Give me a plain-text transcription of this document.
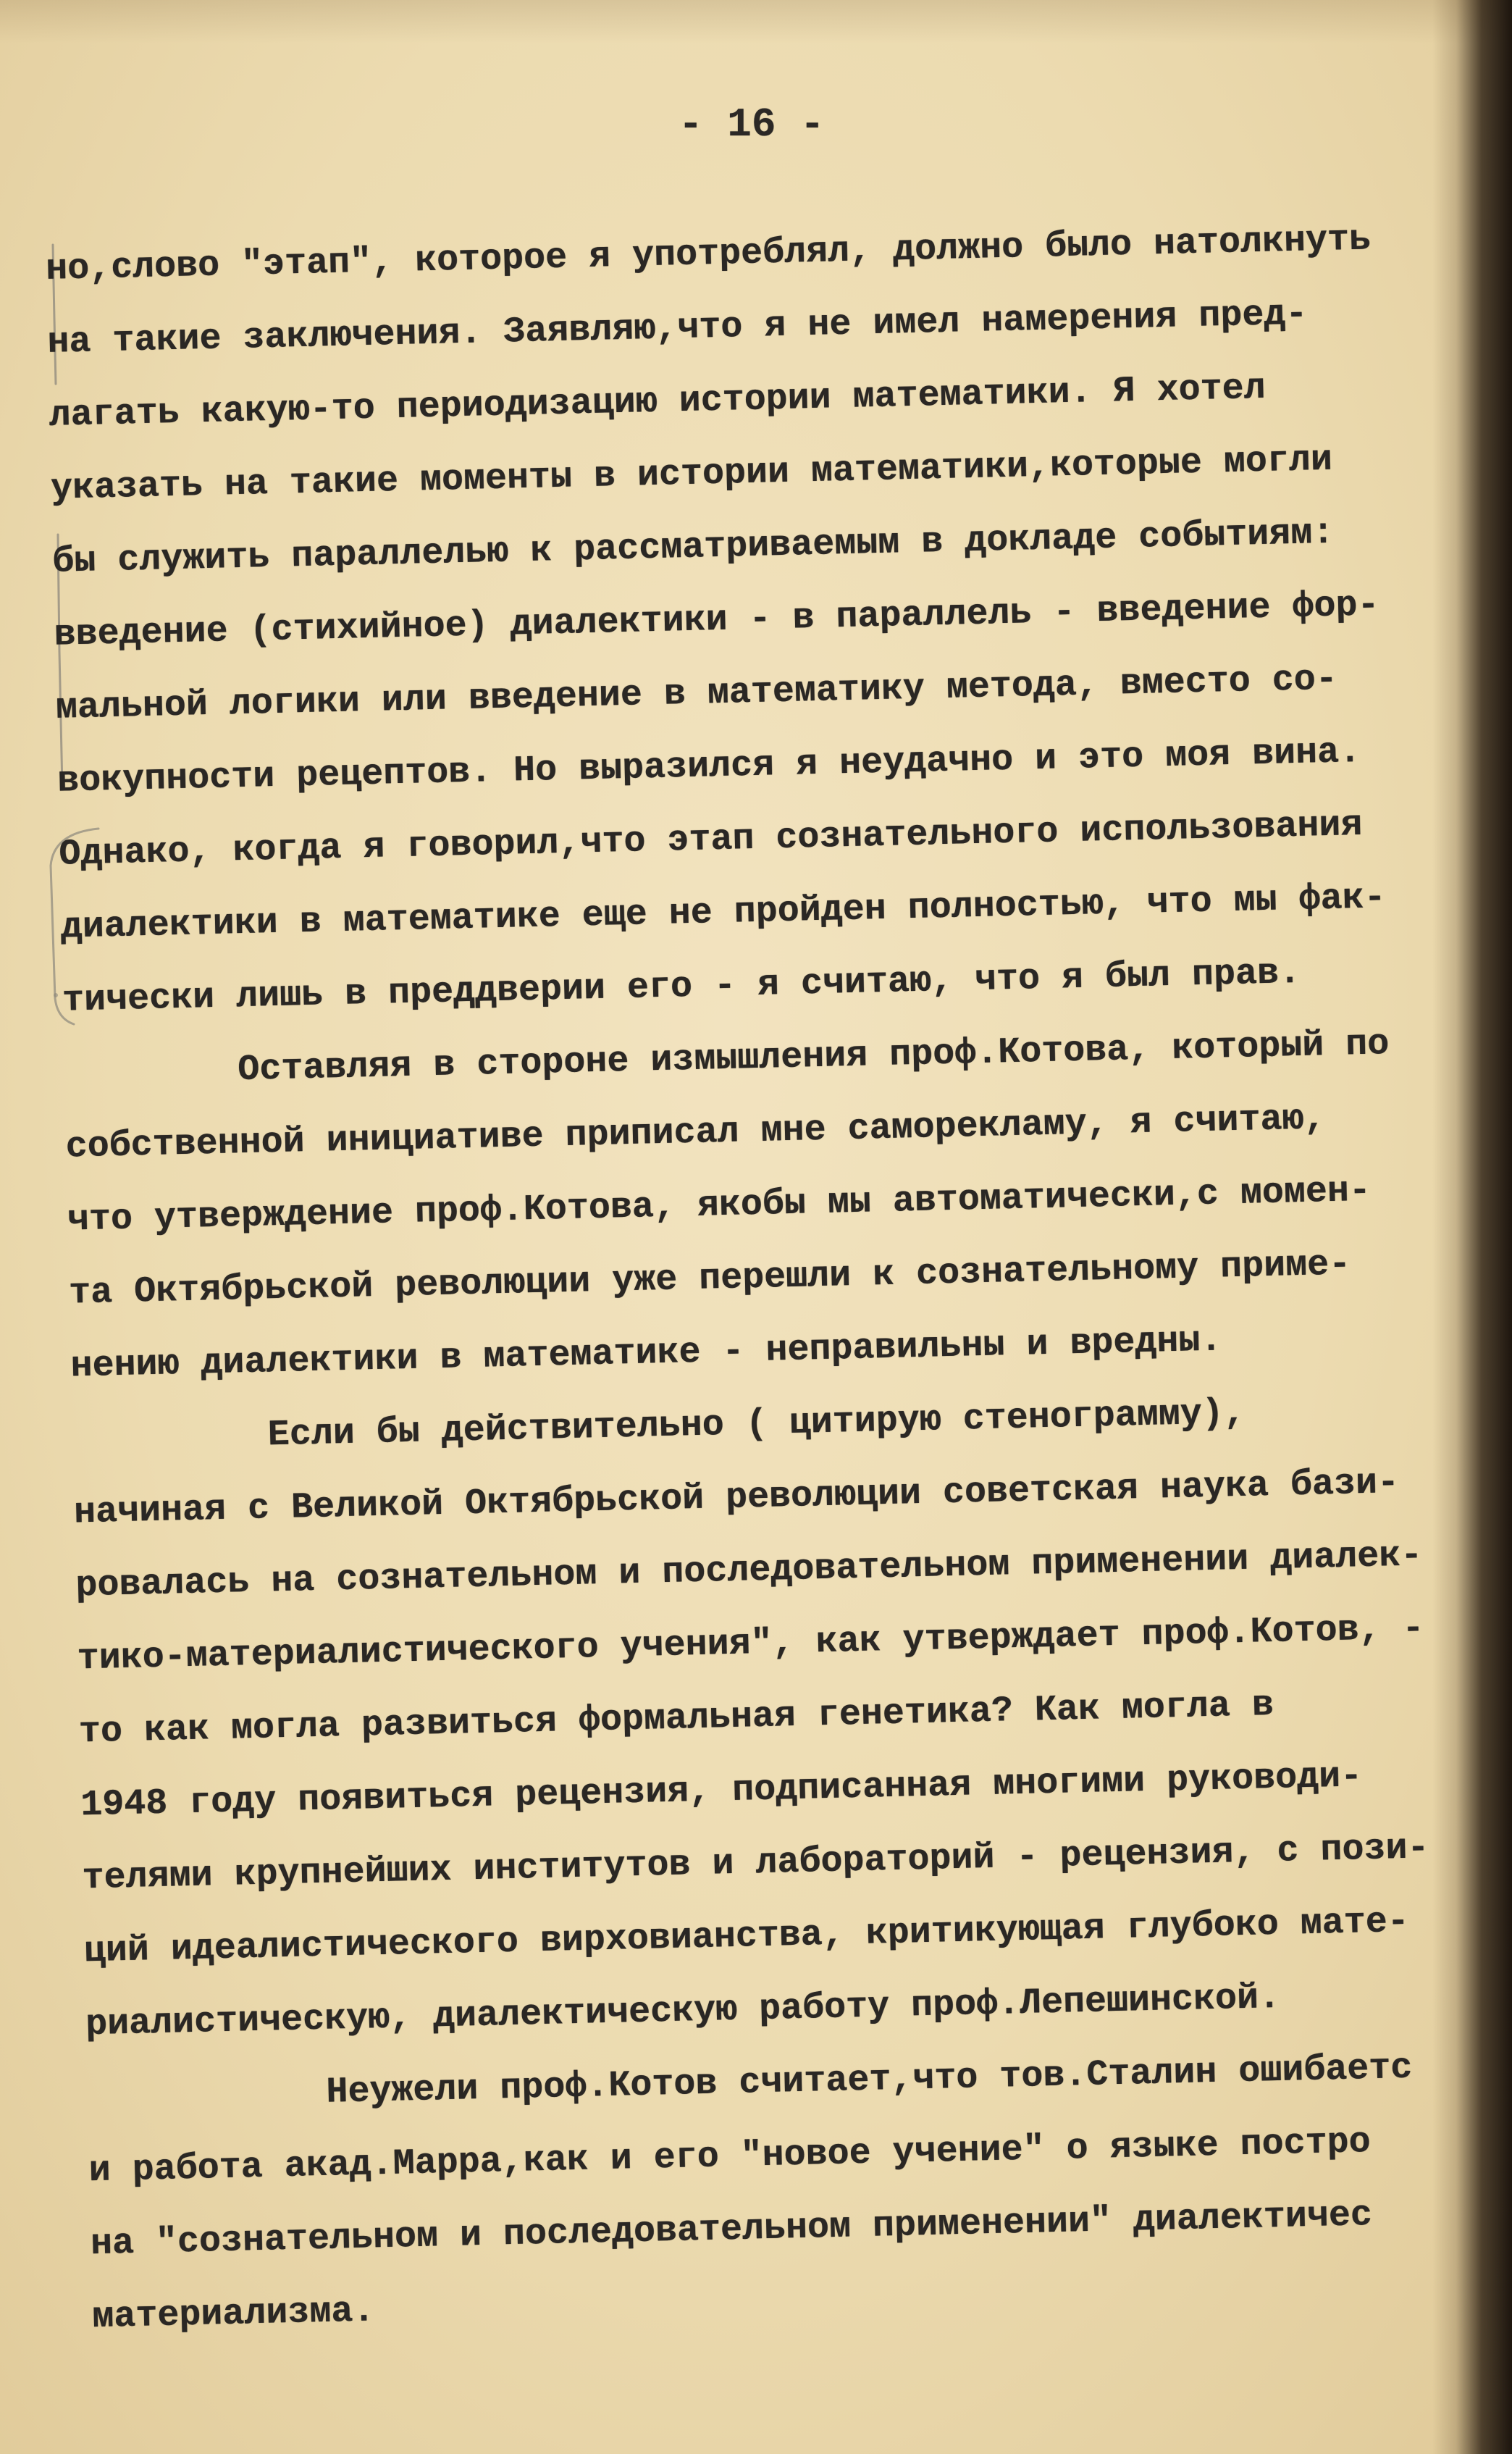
- 16 -
но,слово "этап", которое я употреблял, должно было натолкнуть
на такие заключения. Заявляю,что я не имел намерения пред-
лагать какую-то периодизацию истории математики. Я хотел
указать на такие моменты в истории математики,которые могли
бы служить параллелью к рассматриваемым в докладе событиям:
введение (стихийное) диалектики - в параллель - введение фор-
мальной логики или введение в математику метода, вместо со-
вокупности рецептов. Но выразился я неудачно и это моя вина.
Однако, когда я говорил,что этап сознательного использования
диалектики в математике еще не пройден полностью, что мы фак-
тически лишь в преддверии его - я считаю, что я был прав.
Оставляя в стороне измышления проф.Котова, который по
собственной инициативе приписал мне саморекламу, я считаю,
что утверждение проф.Котова, якобы мы автоматически,с момен-
та Октябрьской революции уже перешли к сознательному приме-
нению диалектики в математике - неправильны и вредны.
Если бы действительно ( цитирую стенограмму),
начиная с Великой Октябрьской революции советская наука бази-
ровалась на сознательном и последовательном применении диалек-
тико-материалистического учения", как утверждает проф.Котов, -
то как могла развиться формальная генетика? Как могла в
1948 году появиться рецензия, подписанная многими руководи-
телями крупнейших институтов и лабораторий - рецензия, с пози-
ций идеалистического вирховианства, критикующая глубоко мате-
риалистическую, диалектическую работу проф.Лепешинской.
Неужели проф.Котов считает,что тов.Сталин ошибаетс
и работа акад.Марра,как и его "новое учение" о языке постро
на "сознательном и последовательном применении" диалектичес
материализма.
